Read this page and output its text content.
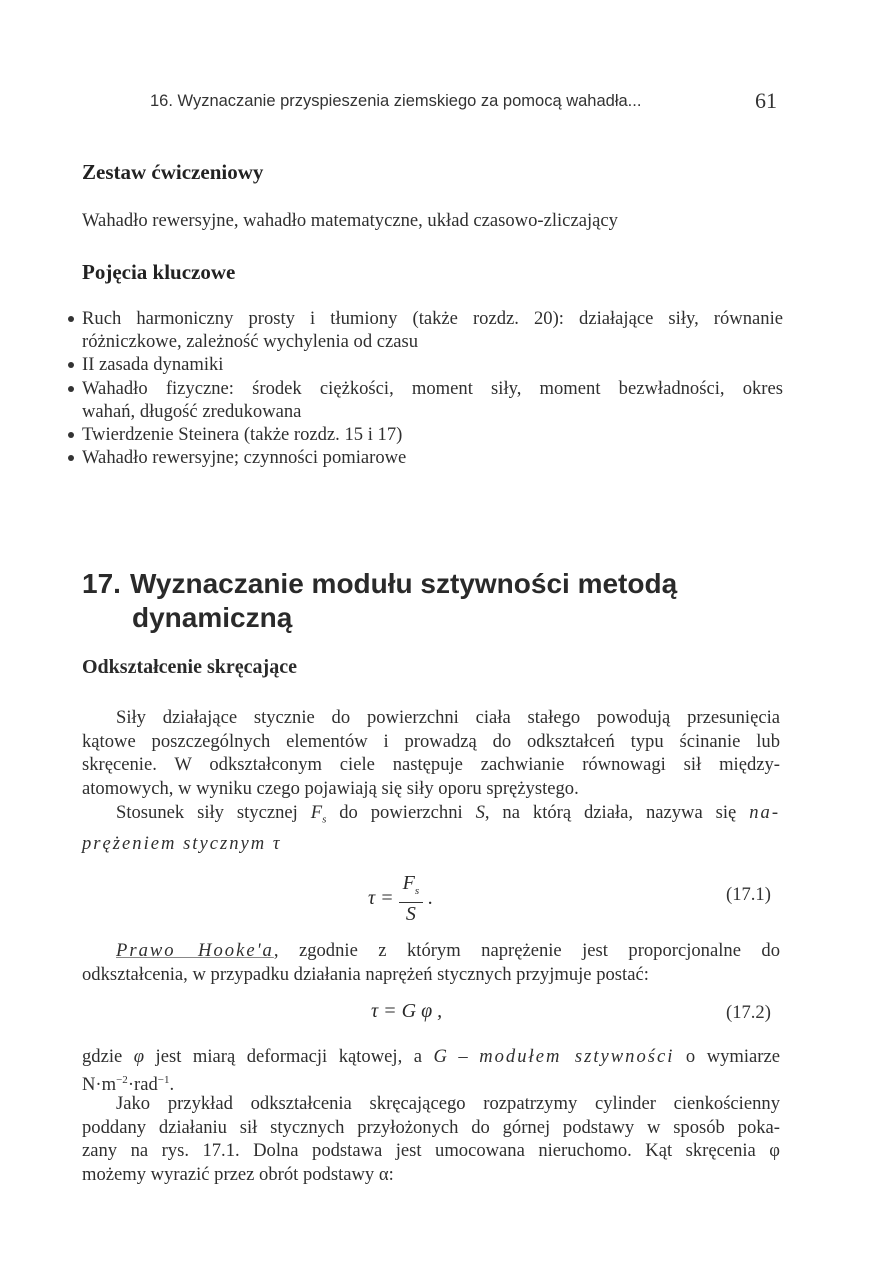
16. Wyznaczanie przyspieszenia ziemskiego za pomocą wahadła...	61
Zestaw ćwiczeniowy
Wahadło rewersyjne, wahadło matematyczne, układ czasowo-zliczający
Pojęcia kluczowe
Ruch harmoniczny prosty i tłumiony (także rozdz. 20): działające siły, równanie
różniczkowe, zależność wychylenia od czasu
II zasada dynamiki
Wahadło fizyczne: środek ciężkości, moment siły, moment bezwładności, okres
wahań, długość zredukowana
Twierdzenie Steinera (także rozdz. 15 i 17)
Wahadło rewersyjne; czynności pomiarowe
17. Wyznaczanie modułu sztywności metodą
dynamiczną
Odkształcenie skręcające
Siły działające stycznie do powierzchni ciała stałego powodują przesunięcia
kątowe poszczególnych elementów i prowadzą do odkształceń typu ścinanie lub
skręcenie. W odkształconym ciele następuje zachwianie równowagi sił między-
atomowych, w wyniku czego pojawiają się siły oporu sprężystego.
Stosunek siły stycznej $F_s$ do powierzchni S, na którą działa, nazywa się na-
prężeniem stycznym τ
$\tau = \frac{F_s}{S}$ .	(17.1)
Prawo Hooke'a, zgodnie z którym naprężenie jest proporcjonalne do
odkształcenia, w przypadku działania naprężeń stycznych przyjmuje postać:
τ = G φ ,	(17.2)
gdzie φ jest miarą deformacji kątowej, a G – modułem sztywności o wymiarze
$N\cdot m^{-2}\cdot rad^{-1}$.
Jako przykład odkształcenia skręcającego rozpatrzymy cylinder cienkościenny
poddany działaniu sił stycznych przyłożonych do górnej podstawy w sposób poka-
zany na rys. 17.1. Dolna podstawa jest umocowana nieruchomo. Kąt skręcenia φ
możemy wyrazić przez obrót podstawy α:
